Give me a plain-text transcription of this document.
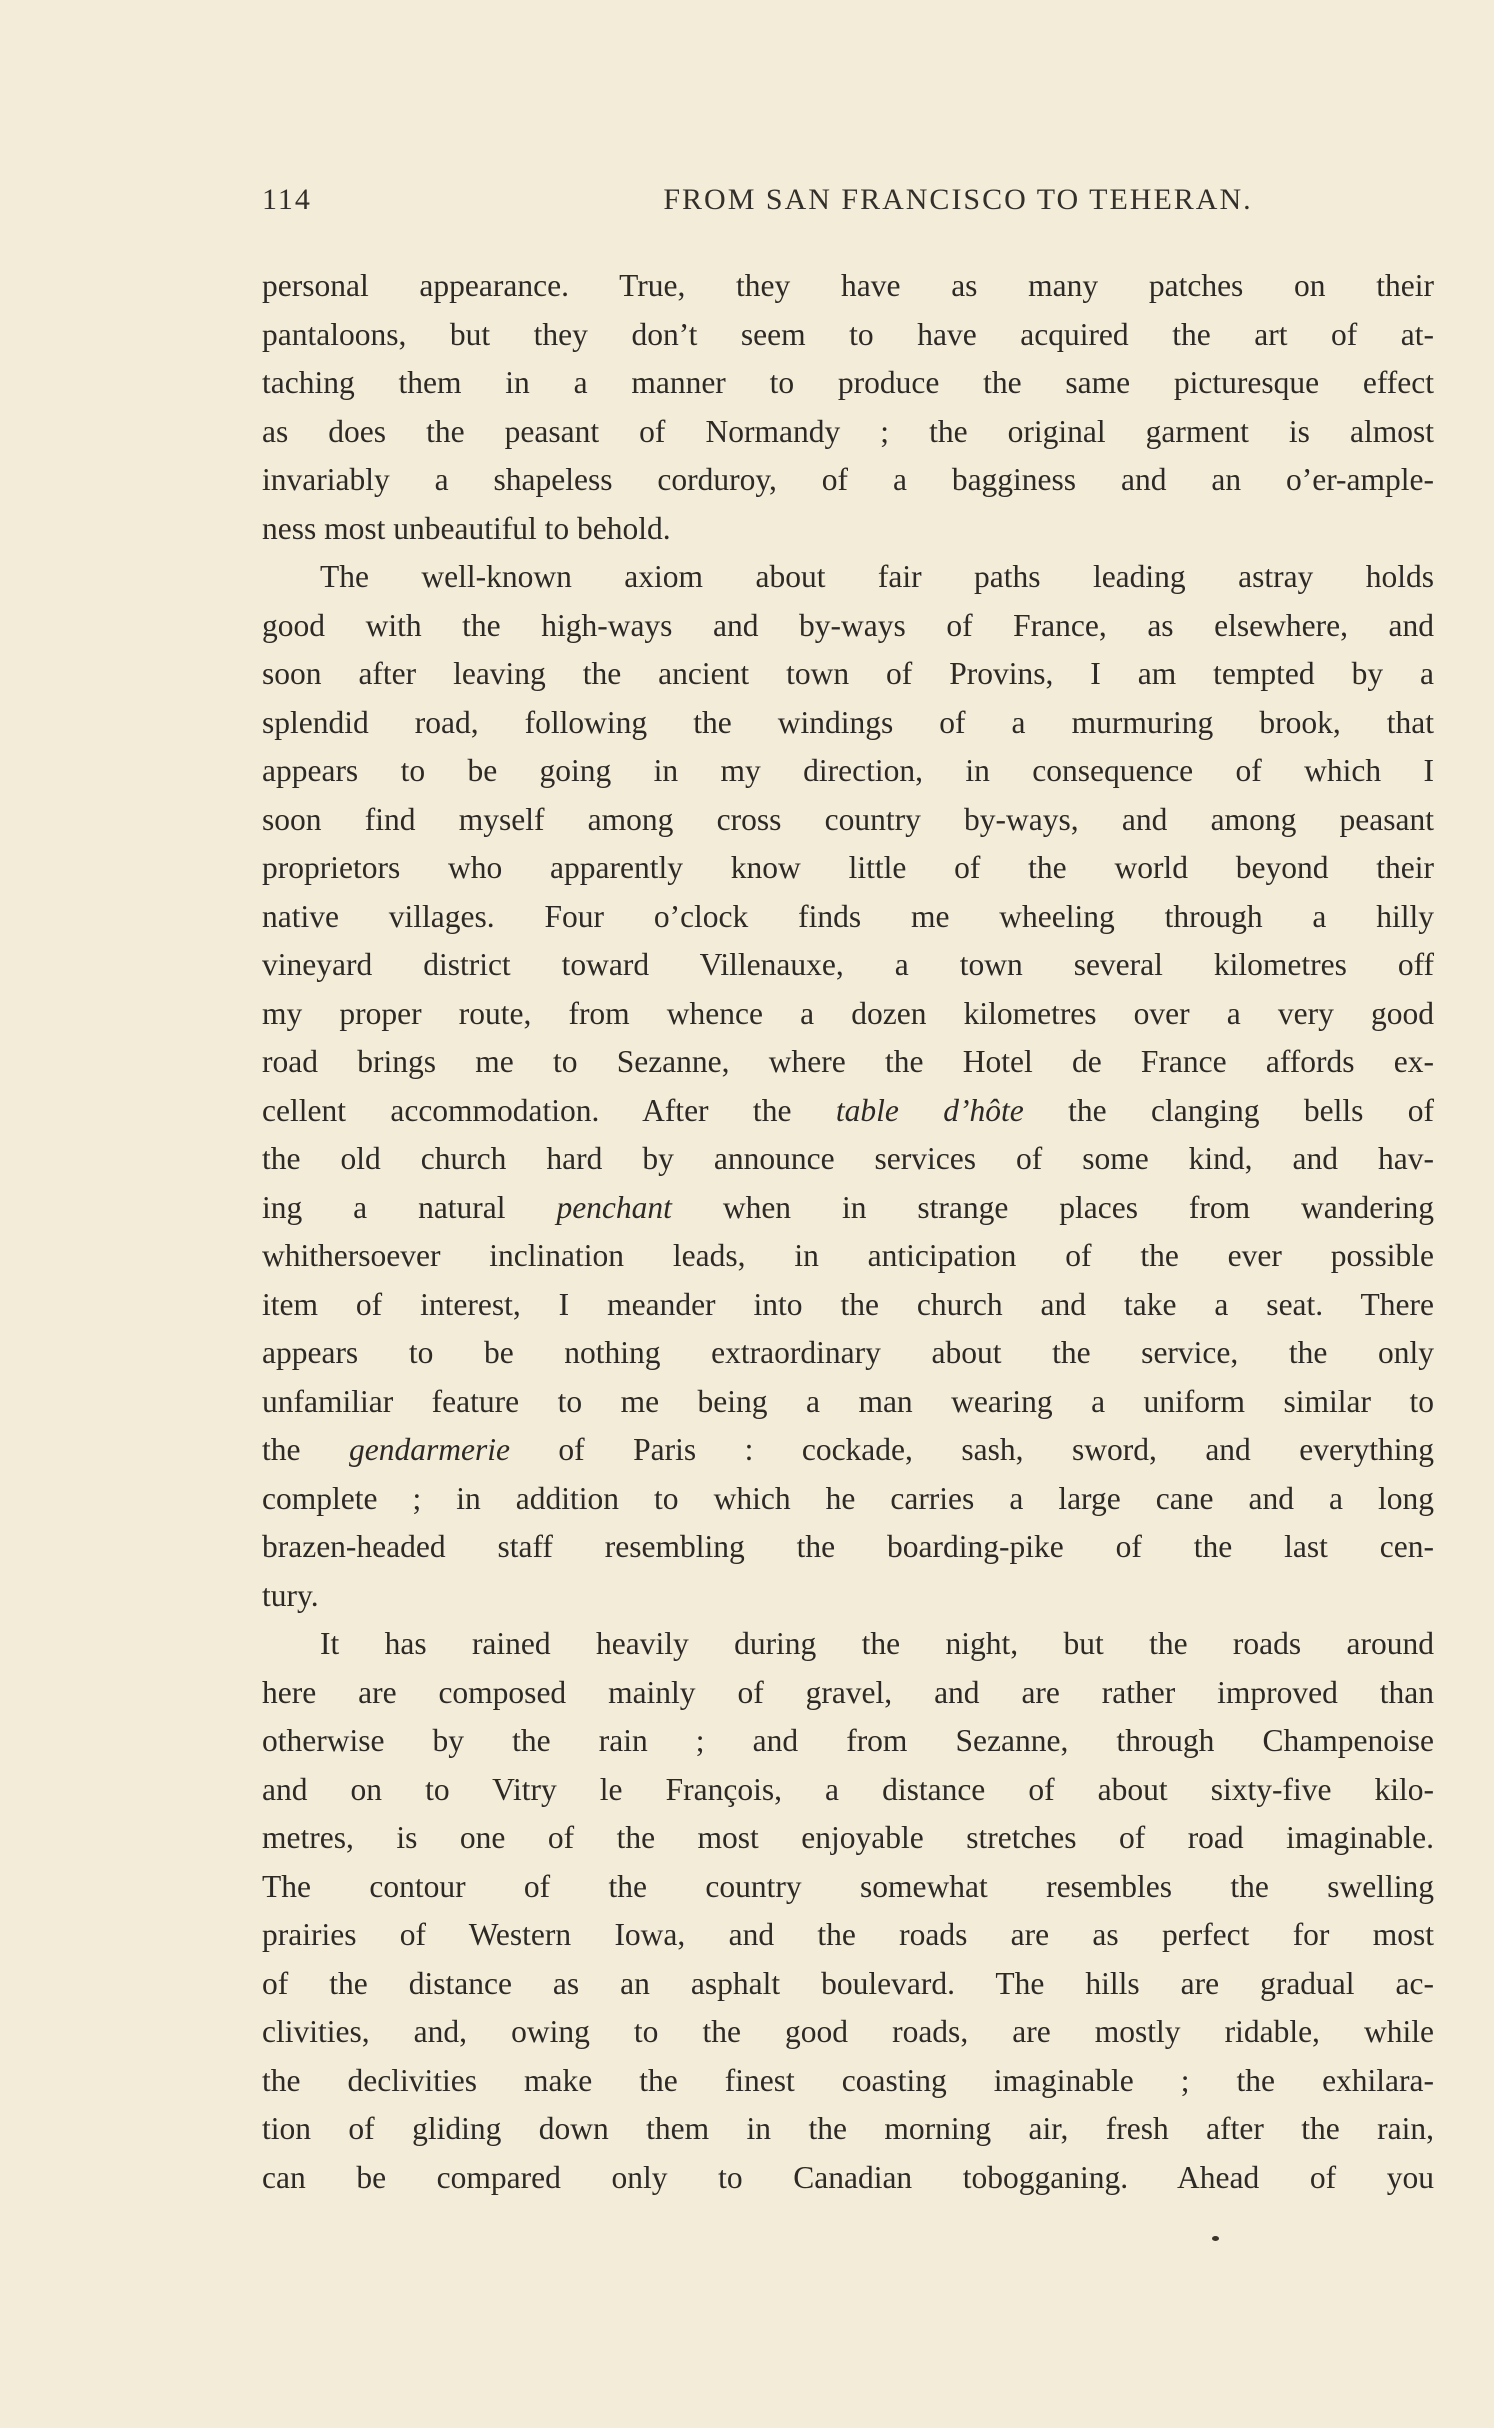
114	FROM SAN FRANCISCO TO TEHERAN.
personal appearance. True, they have as many patches on their
pantaloons, but they don’t seem to have acquired the art of at-
taching them in a manner to produce the same picturesque effect
as does the peasant of Normandy ; the original garment is almost
invariably a shapeless corduroy, of a bagginess and an o’er-ample-
ness most unbeautiful to behold.
The well-known axiom about fair paths leading astray holds
good with the high-ways and by-ways of France, as elsewhere, and
soon after leaving the ancient town of Provins, I am tempted by a
splendid road, following the windings of a murmuring brook, that
appears to be going in my direction, in consequence of which I
soon find myself among cross country by-ways, and among peasant
proprietors who apparently know little of the world beyond their
native villages. Four o’clock finds me wheeling through a hilly
vineyard district toward Villenauxe, a town several kilometres off
my proper route, from whence a dozen kilometres over a very good
road brings me to Sezanne, where the Hotel de France affords ex-
cellent accommodation. After the table d’hôte the clanging bells of
the old church hard by announce services of some kind, and hav-
ing a natural penchant when in strange places from wandering
whithersoever inclination leads, in anticipation of the ever possible
item of interest, I meander into the church and take a seat. There
appears to be nothing extraordinary about the service, the only
unfamiliar feature to me being a man wearing a uniform similar to
the gendarmerie of Paris : cockade, sash, sword, and everything
complete ; in addition to which he carries a large cane and a long
brazen-headed staff resembling the boarding-pike of the last cen-
tury.
It has rained heavily during the night, but the roads around
here are composed mainly of gravel, and are rather improved than
otherwise by the rain ; and from Sezanne, through Champenoise
and on to Vitry le François, a distance of about sixty-five kilo-
metres, is one of the most enjoyable stretches of road imaginable.
The contour of the country somewhat resembles the swelling
prairies of Western Iowa, and the roads are as perfect for most
of the distance as an asphalt boulevard. The hills are gradual ac-
clivities, and, owing to the good roads, are mostly ridable, while
the declivities make the finest coasting imaginable ; the exhilara-
tion of gliding down them in the morning air, fresh after the rain,
can be compared only to Canadian tobogganing. Ahead of you
